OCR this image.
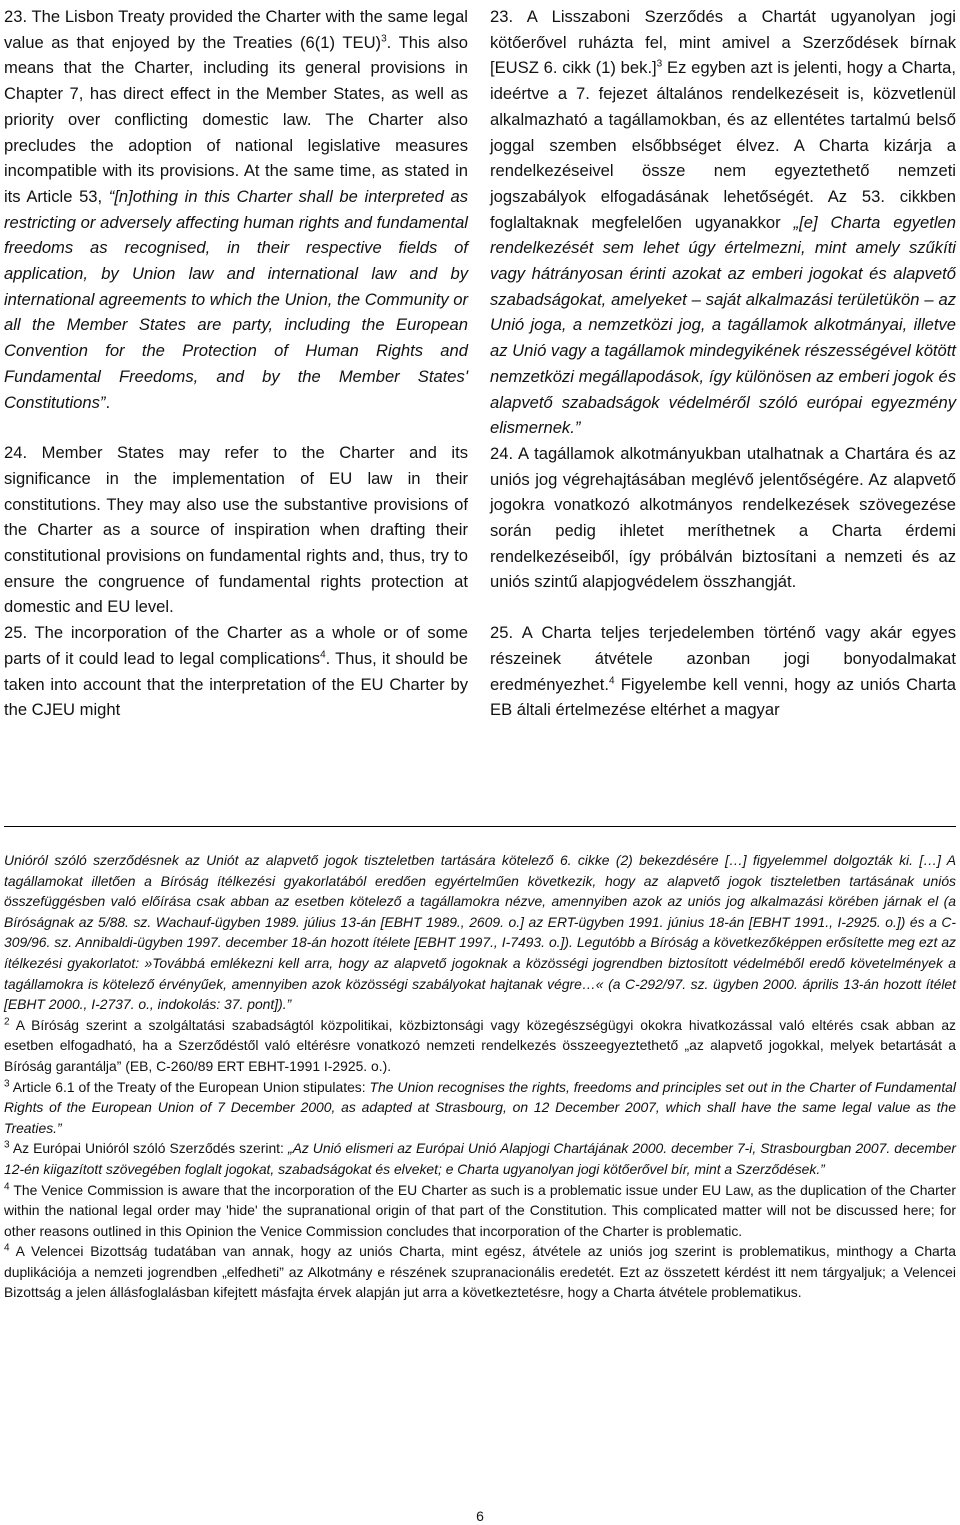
23. The Lisbon Treaty provided the Charter with the same legal value as that enjoyed by the Treaties (6(1) TEU)$^3$. This also means that the Charter, including its general provisions in Chapter 7, has direct effect in the Member States, as well as priority over conflicting domestic law. The Charter also precludes the adoption of national legislative measures incompatible with its provisions. At the same time, as stated in its Article 53, “[n]othing in this Charter shall be interpreted as restricting or adversely affecting human rights and fundamental freedoms as recognised, in their respective fields of application, by Union law and international law and by international agreements to which the Union, the Community or all the Member States are party, including the European Convention for the Protection of Human Rights and Fundamental Freedoms, and by the Member States' Constitutions”.

24. Member States may refer to the Charter and its significance in the implementation of EU law in their constitutions. They may also use the substantive provisions of the Charter as a source of inspiration when drafting their constitutional provisions on fundamental rights and, thus, try to ensure the congruence of fundamental rights protection at domestic and EU level.

25. The incorporation of the Charter as a whole or of some parts of it could lead to legal complications$^4$. Thus, it should be taken into account that the interpretation of the EU Charter by the CJEU might

23. A Lisszaboni Szerződés a Chartát ugyanolyan jogi kötőerővel ruházta fel, mint amivel a Szerződések bírnak [EUSZ 6. cikk (1) bek.]$^3$ Ez egyben azt is jelenti, hogy a Charta, ideértve a 7. fejezet általános rendelkezéseit is, közvetlenül alkalmazható a tagállamokban, és az ellentétes tartalmú belső joggal szemben elsőbbséget élvez. A Charta kizárja a rendelkezéseivel össze nem egyeztethető nemzeti jogszabályok elfogadásának lehetőségét. Az 53. cikkben foglaltaknak megfelelően ugyanakkor „[e] Charta egyetlen rendelkezését sem lehet úgy értelmezni, mint amely szűkíti vagy hátrányosan érinti azokat az emberi jogokat és alapvető szabadságokat, amelyeket – saját alkalmazási területükön – az Unió joga, a nemzetközi jog, a tagállamok alkotmányai, illetve az Unió vagy a tagállamok mindegyikének részességével kötött nemzetközi megállapodások, így különösen az emberi jogok és alapvető szabadságok védelméről szóló európai egyezmény elismernek.”

24. A tagállamok alkotmányukban utalhatnak a Chartára és az uniós jog végrehajtásában meglévő jelentőségére. Az alapvető jogokra vonatkozó alkotmányos rendelkezések szövegezése során pedig ihletet meríthetnek a Charta érdemi rendelkezéseiből, így próbálván biztosítani a nemzeti és az uniós szintű alapjogvédelem összhangját.

25. A Charta teljes terjedelemben történő vagy akár egyes részeinek átvétele azonban jogi bonyodalmakat eredményezhet.$^4$ Figyelembe kell venni, hogy az uniós Charta EB általi értelmezése eltérhet a magyar

Unióról szóló szerződésnek az Uniót az alapvető jogok tiszteletben tartására kötelező 6. cikke (2) bekezdésére […] figyelemmel dolgozták ki. […] A tagállamokat illetően a Bíróság ítélkezési gyakorlatából eredően egyértelműen következik, hogy az alapvető jogok tiszteletben tartásának uniós összefüggésben való előírása csak abban az esetben kötelező a tagállamokra nézve, amennyiben azok az uniós jog alkalmazási körében járnak el (a Bíróságnak az 5/88. sz. Wachauf-ügyben 1989. július 13-án [EBHT 1989., 2609. o.] az ERT-ügyben 1991. június 18-án [EBHT 1991., I-2925. o.]) és a C-309/96. sz. Annibaldi-ügyben 1997. december 18-án hozott ítélete [EBHT 1997., I-7493. o.]). Legutóbb a Bíróság a következőképpen erősítette meg ezt az ítélkezési gyakorlatot: »Továbbá emlékezni kell arra, hogy az alapvető jogoknak a közösségi jogrendben biztosított védelméből eredő követelmények a tagállamokra is kötelező érvényűek, amennyiben azok közösségi szabályokat hajtanak végre…« (a C-292/97. sz. ügyben 2000. április 13-án hozott ítélet [EBHT 2000., I-2737. o., indokolás: 37. pont]).”

$^2$ A Bíróság szerint a szolgáltatási szabadságtól közpolitikai, közbiztonsági vagy közegészségügyi okokra hivatkozással való eltérés csak abban az esetben elfogadható, ha a Szerződéstől való eltérésre vonatkozó nemzeti rendelkezés összeegyeztethető „az alapvető jogokkal, melyek betartását a Bíróság garantálja” (EB, C-260/89 ERT EBHT-1991 I-2925. o.).

$^3$ Article 6.1 of the Treaty of the European Union stipulates: The Union recognises the rights, freedoms and principles set out in the Charter of Fundamental Rights of the European Union of 7 December 2000, as adapted at Strasbourg, on 12 December 2007, which shall have the same legal value as the Treaties.”

$^3$ Az Európai Unióról szóló Szerződés szerint: „Az Unió elismeri az Európai Unió Alapjogi Chartájának 2000. december 7-i, Strasbourgban 2007. december 12-én kiigazított szövegében foglalt jogokat, szabadságokat és elveket; e Charta ugyanolyan jogi kötőerővel bír, mint a Szerződések.”

$^4$ The Venice Commission is aware that the incorporation of the EU Charter as such is a problematic issue under EU Law, as the duplication of the Charter within the national legal order may 'hide' the supranational origin of that part of the Constitution. This complicated matter will not be discussed here; for other reasons outlined in this Opinion the Venice Commission concludes that incorporation of the Charter is problematic.

$^4$ A Velencei Bizottság tudatában van annak, hogy az uniós Charta, mint egész, átvétele az uniós jog szerint is problematikus, minthogy a Charta duplikációja a nemzeti jogrendben „elfedheti” az Alkotmány e részének szupranacionális eredetét. Ezt az összetett kérdést itt nem tárgyaljuk; a Velencei Bizottság a jelen állásfoglalásban kifejtett másfajta érvek alapján jut arra a következtetésre, hogy a Charta átvétele problematikus.

6
